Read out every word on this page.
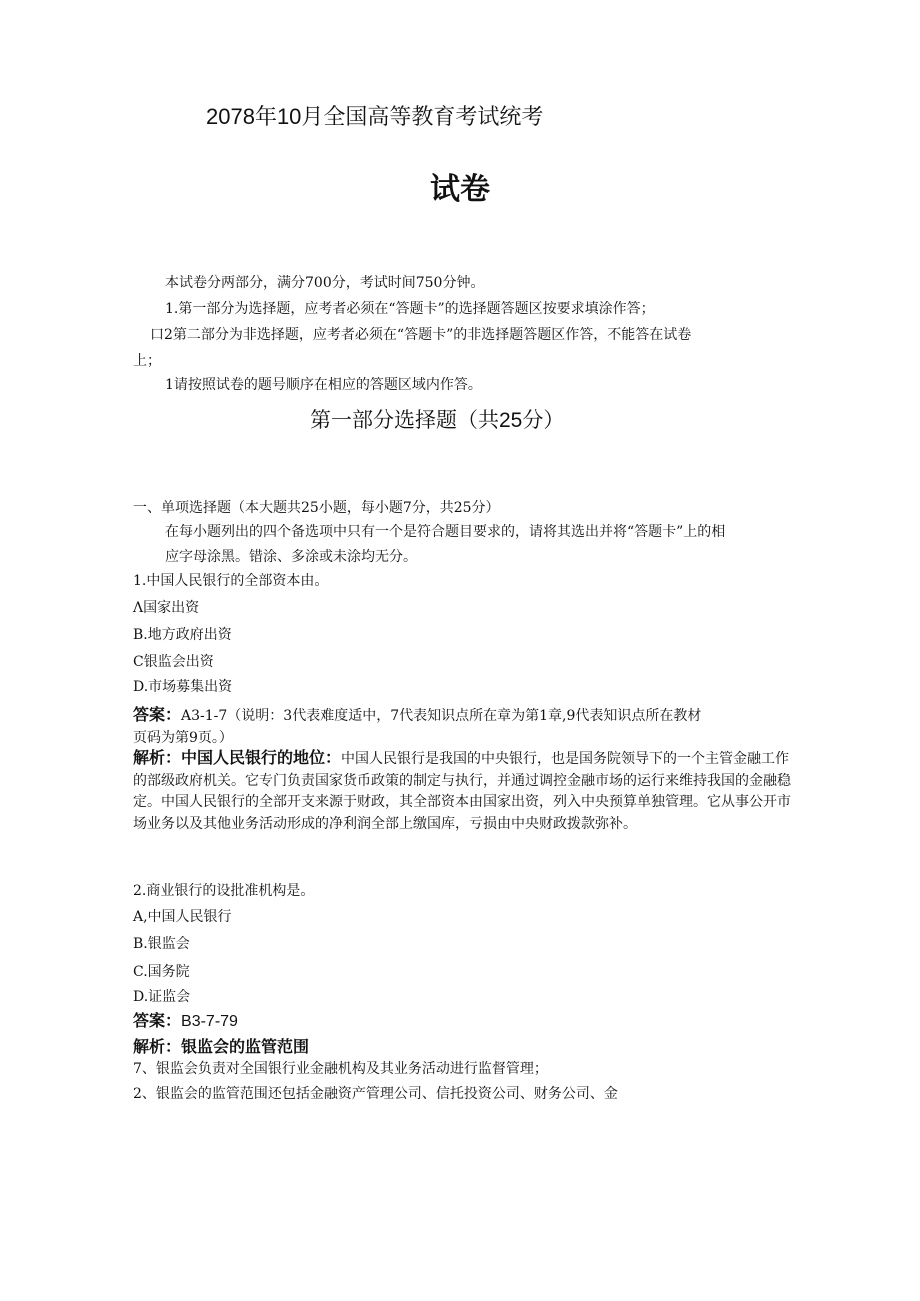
2078年10月全国高等教育考试统考
试卷
本试卷分两部分，满分700分，考试时间750分钟。
1.第一部分为选择题，应考者必须在“答题卡”的选择题答题区按要求填涂作答；
口2第二部分为非选择题，应考者必须在“答题卡”的非选择题答题区作答，不能答在试卷
上；
1请按照试卷的题号顺序在相应的答题区域内作答。
第一部分选择题（共25分）
一、单项选择题（本大题共25小题，每小题7分，共25分）
在每小题列出的四个备选项中只有一个是符合题目要求的，请将其选出并将“答题卡”上的相
应字母涂黑。错涂、多涂或未涂均无分。
1.中国人民银行的全部资本由。
Λ国家出资
B.地方政府出资
C银监会出资
D.市场募集出资
答案：A3-1-7（说明：3代表难度适中，7代表知识点所在章为第1章,9代表知识点所在教材
页码为第9页。）
解析：中国人民银行的地位：中国人民银行是我国的中央银行，也是国务院领导下的一个主管金融工作的部级政府机关。它专门负责国家货币政策的制定与执行，并通过调控金融市场的运行来维持我国的金融稳定。中国人民银行的全部开支来源于财政，其全部资本由国家出资，列入中央预算单独管理。它从事公开市场业务以及其他业务活动形成的净利润全部上缴国库，亏损由中央财政拨款弥补。
2.商业银行的设批准机构是。
A,中国人民银行
B.银监会
C.国务院
D.证监会
答案：B3-7-79
解析：银监会的监管范围
7、银监会负责对全国银行业金融机构及其业务活动进行监督管理；
2、银监会的监管范围还包括金融资产管理公司、信托投资公司、财务公司、金
